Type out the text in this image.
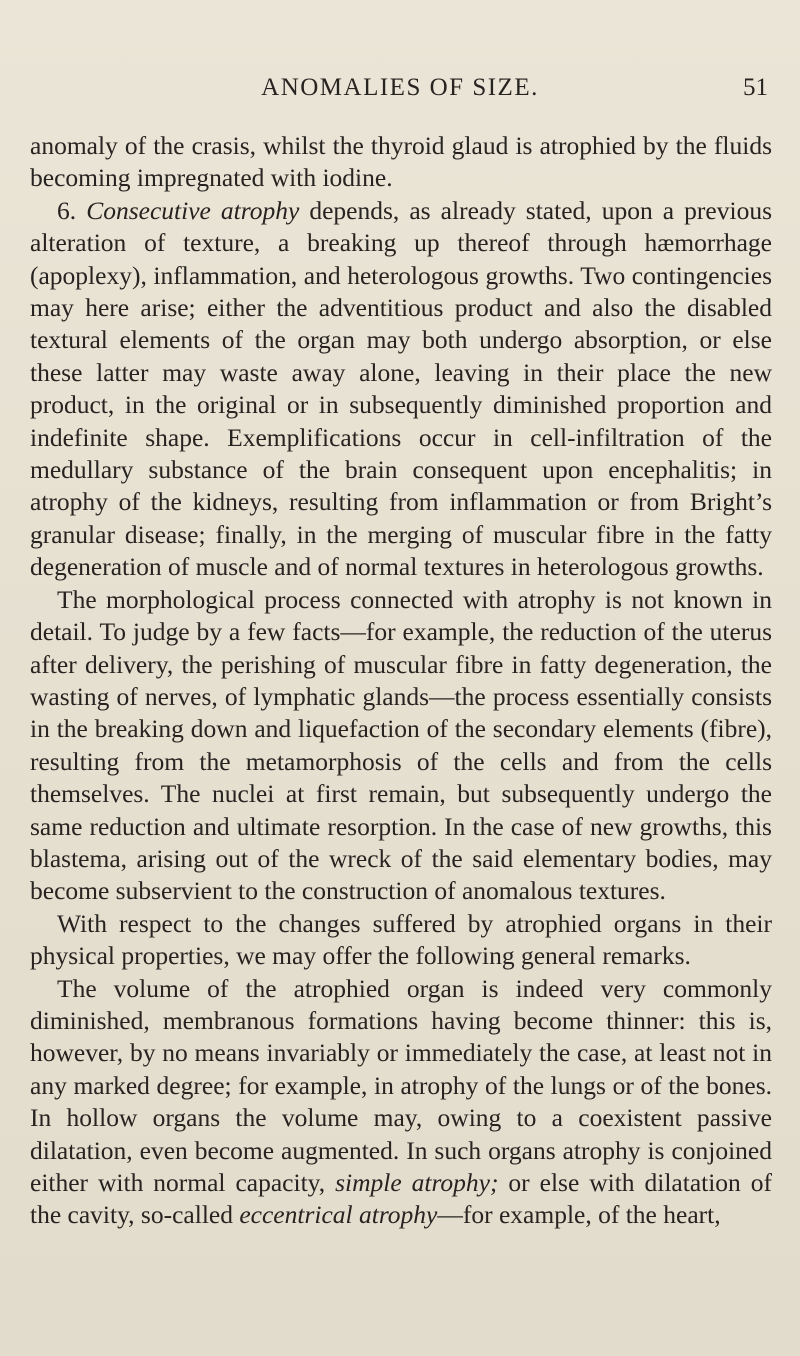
ANOMALIES OF SIZE.	51

anomaly of the crasis, whilst the thyroid glaud is atrophied by the fluids becoming impregnated with iodine.

6. Consecutive atrophy depends, as already stated, upon a previous alteration of texture, a breaking up thereof through hæmorrhage (apoplexy), inflammation, and heterologous growths. Two contingencies may here arise; either the adventitious product and also the disabled textural elements of the organ may both undergo absorption, or else these latter may waste away alone, leaving in their place the new product, in the original or in subsequently diminished proportion and indefinite shape. Exemplifications occur in cell-infiltration of the medullary substance of the brain consequent upon encephalitis; in atrophy of the kidneys, resulting from inflammation or from Bright’s granular disease; finally, in the merging of muscular fibre in the fatty degeneration of muscle and of normal textures in heterologous growths.

The morphological process connected with atrophy is not known in detail. To judge by a few facts—for example, the reduction of the uterus after delivery, the perishing of muscular fibre in fatty degeneration, the wasting of nerves, of lymphatic glands—the process essentially consists in the breaking down and liquefaction of the secondary elements (fibre), resulting from the metamorphosis of the cells and from the cells themselves. The nuclei at first remain, but subsequently undergo the same reduction and ultimate resorption. In the case of new growths, this blastema, arising out of the wreck of the said elementary bodies, may become subservient to the construction of anomalous textures.

With respect to the changes suffered by atrophied organs in their physical properties, we may offer the following general remarks.

The volume of the atrophied organ is indeed very commonly diminished, membranous formations having become thinner: this is, however, by no means invariably or immediately the case, at least not in any marked degree; for example, in atrophy of the lungs or of the bones. In hollow organs the volume may, owing to a coexistent passive dilatation, even become augmented. In such organs atrophy is conjoined either with normal capacity, simple atrophy; or else with dilatation of the cavity, so-called eccentrical atrophy—for example, of the heart,
